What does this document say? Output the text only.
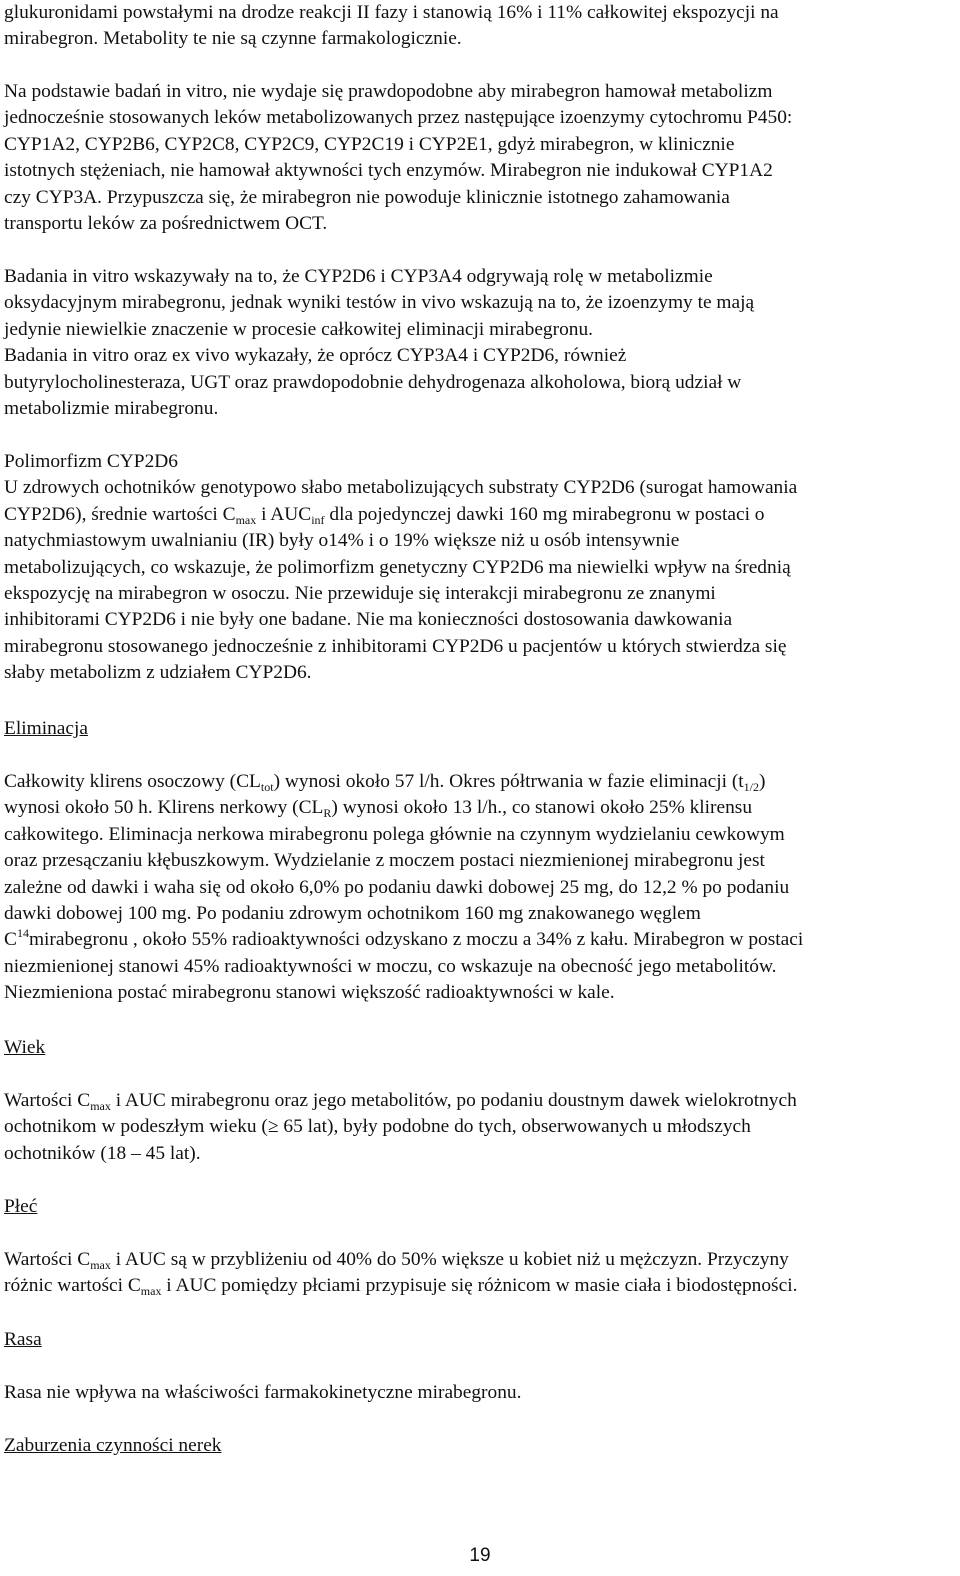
glukuronidami powstałymi na drodze reakcji II fazy i stanowią 16% i 11% całkowitej ekspozycji na

mirabegron. Metabolity te nie są czynne farmakologicznie.

Na podstawie badań in vitro, nie wydaje się prawdopodobne aby mirabegron hamował metabolizm

jednocześnie stosowanych leków metabolizowanych przez następujące izoenzymy cytochromu P450:

CYP1A2, CYP2B6, CYP2C8, CYP2C9, CYP2C19 i CYP2E1, gdyż mirabegron, w klinicznie

istotnych stężeniach, nie hamował aktywności tych enzymów. Mirabegron nie indukował CYP1A2

czy CYP3A. Przypuszcza się, że mirabegron nie powoduje klinicznie istotnego zahamowania

transportu leków za pośrednictwem OCT.

Badania in vitro wskazywały na to, że CYP2D6 i CYP3A4 odgrywają rolę w metabolizmie

oksydacyjnym mirabegronu, jednak wyniki testów in vivo wskazują na to, że izoenzymy te mają

jedynie niewielkie znaczenie w procesie całkowitej eliminacji mirabegronu.

Badania in vitro oraz ex vivo wykazały, że oprócz CYP3A4 i CYP2D6, również

butyrylocholinesteraza, UGT oraz prawdopodobnie dehydrogenaza alkoholowa, biorą udział w

metabolizmie mirabegronu.

Polimorfizm CYP2D6

U zdrowych ochotników genotypowo słabo metabolizujących substraty CYP2D6 (surogat hamowania

CYP2D6), średnie wartości $C_{max}$ i $AUC_{inf}$ dla pojedynczej dawki 160 mg mirabegronu w postaci o

natychmiastowym uwalnianiu (IR) były o14% i o 19% większe niż u osób intensywnie

metabolizujących, co wskazuje, że polimorfizm genetyczny CYP2D6 ma niewielki wpływ na średnią

ekspozycję na mirabegron w osoczu. Nie przewiduje się interakcji mirabegronu ze znanymi

inhibitorami CYP2D6 i nie były one badane. Nie ma konieczności dostosowania dawkowania

mirabegronu stosowanego jednocześnie z inhibitorami CYP2D6 u pacjentów u których stwierdza się

słaby metabolizm z udziałem CYP2D6.

Eliminacja

Całkowity klirens osoczowy $(CL_{tot})$ wynosi około 57 l/h. Okres półtrwania w fazie eliminacji $(t_{1/2})$

wynosi około 50 h. Klirens nerkowy $(CL_R)$ wynosi około 13 l/h., co stanowi około 25% klirensu

całkowitego. Eliminacja nerkowa mirabegronu polega głównie na czynnym wydzielaniu cewkowym

oraz przesączaniu kłębuszkowym. Wydzielanie z moczem postaci niezmienionej mirabegronu jest

zależne od dawki i waha się od około 6,0% po podaniu dawki dobowej 25 mg, do 12,2 % po podaniu

dawki dobowej 100 mg. Po podaniu zdrowym ochotnikom 160 mg znakowanego węglem

$C^{14}mirabegronu$ , około 55% radioaktywności odzyskano z moczu a 34% z kału. Mirabegron w postaci

niezmienionej stanowi 45% radioaktywności w moczu, co wskazuje na obecność jego metabolitów.

Niezmieniona postać mirabegronu stanowi większość radioaktywności w kale.

Wiek

Wartości $C_{max}$ i AUC mirabegronu oraz jego metabolitów, po podaniu doustnym dawek wielokrotnych

ochotnikom w podeszłym wieku (≥ 65 lat), były podobne do tych, obserwowanych u młodszych

ochotników (18 – 45 lat).

Płeć

Wartości $C_{max}$ i AUC są w przybliżeniu od 40% do 50% większe u kobiet niż u mężczyzn. Przyczyny

różnic wartości $C_{max}$ i AUC pomiędzy płciami przypisuje się różnicom w masie ciała i biodostępności.

Rasa

Rasa nie wpływa na właściwości farmakokinetyczne mirabegronu.

Zaburzenia czynności nerek

19
